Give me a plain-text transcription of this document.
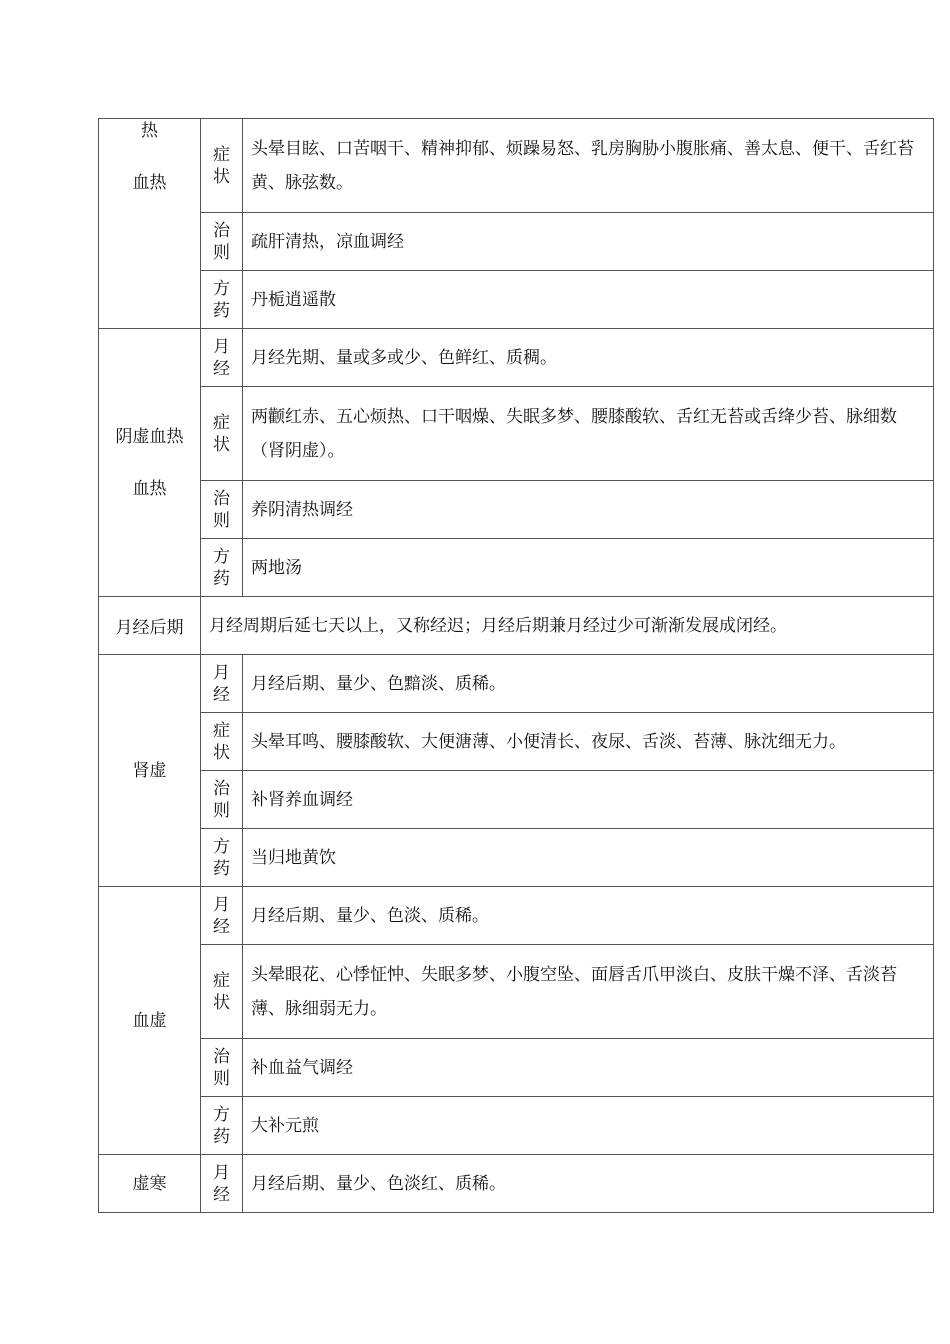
热
血热	症状	头晕目眩、口苦咽干、精神抑郁、烦躁易怒、乳房胸胁小腹胀痛、善太息、便干、舌红苔黄、脉弦数。
	治则	疏肝清热，凉血调经
	方药	丹栀逍遥散

阴虚血热
血热	月经	月经先期、量或多或少、色鲜红、质稠。
	症状	两颧红赤、五心烦热、口干咽燥、失眠多梦、腰膝酸软、舌红无苔或舌绛少苔、脉细数（肾阴虚）。
	治则	养阴清热调经
	方药	两地汤
月经后期	月经周期后延七天以上，又称经迟；月经后期兼月经过少可渐渐发展成闭经。	

肾虚	月经	月经后期、量少、色黯淡、质稀。
	症状	头晕耳鸣、腰膝酸软、大便溏薄、小便清长、夜尿、舌淡、苔薄、脉沈细无力。
	治则	补肾养血调经
	方药	当归地黄饮

血虚	月经	月经后期、量少、色淡、质稀。
	症状	头晕眼花、心悸怔忡、失眠多梦、小腹空坠、面唇舌爪甲淡白、皮肤干燥不泽、舌淡苔薄、脉细弱无力。
	治则	补血益气调经
	方药	大补元煎

虚寒	月经	月经后期、量少、色淡红、质稀。
